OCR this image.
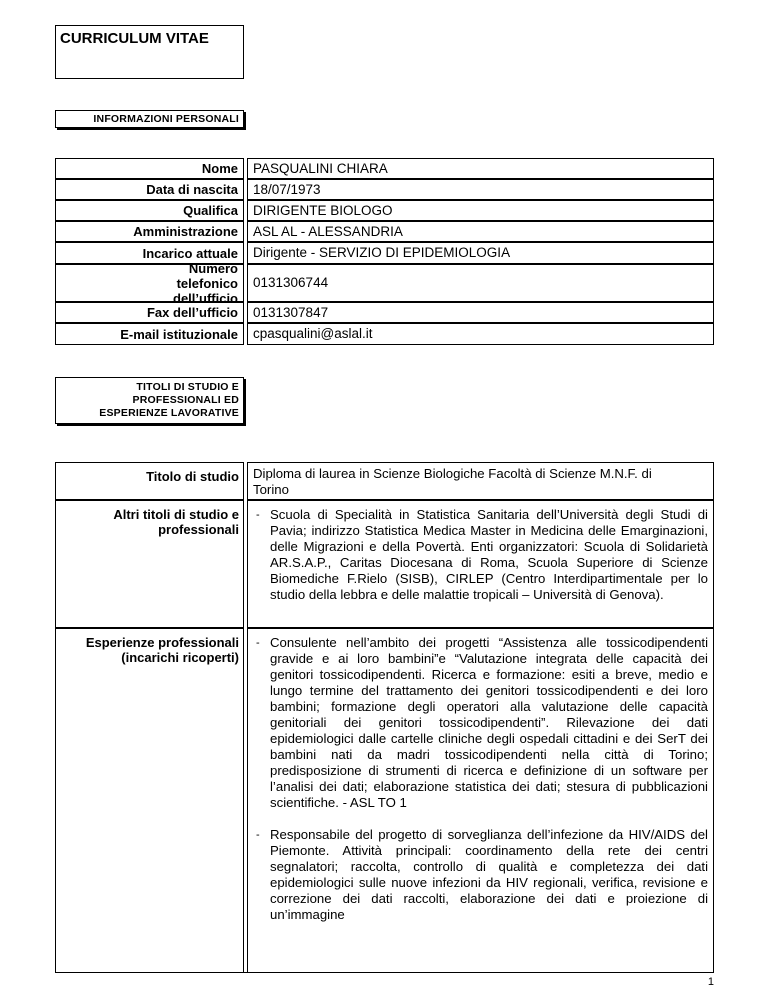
CURRICULUM VITAE
INFORMAZIONI PERSONALI
Nome
Data di nascita
Qualifica
Amministrazione
Incarico attuale
Numero telefonico dell’ufficio
Fax dell’ufficio
E-mail istituzionale
PASQUALINI CHIARA
18/07/1973
DIRIGENTE BIOLOGO
ASL AL - ALESSANDRIA
Dirigente - SERVIZIO DI EPIDEMIOLOGIA
0131306744
0131307847
cpasqualini@aslal.it
TITOLI DI STUDIO E
PROFESSIONALI ED
ESPERIENZE LAVORATIVE
Titolo di studio	Diploma di laurea in Scienze Biologiche Facoltà di Scienze M.N.F. di Torino
Altri titoli di studio e professionali
- Scuola di Specialità in Statistica Sanitaria dell’Università degli Studi di Pavia; indirizzo Statistica Medica Master in Medicina delle Emarginazioni, delle Migrazioni e della Povertà. Enti organizzatori: Scuola di Solidarietà AR.S.A.P., Caritas Diocesana di Roma, Scuola Superiore di Scienze Biomediche F.Rielo (SISB), CIRLEP (Centro Interdipartimentale per lo studio della lebbra e delle malattie tropicali – Università di Genova).
Esperienze professionali (incarichi ricoperti)
- Consulente nell’ambito dei progetti “Assistenza alle tossicodipendenti gravide e ai loro bambini”e “Valutazione integrata delle capacità dei genitori tossicodipendenti. Ricerca e formazione: esiti a breve, medio e lungo termine del trattamento dei genitori tossicodipendenti e dei loro bambini; formazione degli operatori alla valutazione delle capacità genitoriali dei genitori tossicodipendenti”. Rilevazione dei dati epidemiologici dalle cartelle cliniche degli ospedali cittadini e dei SerT dei bambini nati da madri tossicodipendenti nella città di Torino; predisposizione di strumenti di ricerca e definizione di un software per l’analisi dei dati; elaborazione statistica dei dati; stesura di pubblicazioni scientifiche. - ASL TO 1
- Responsabile del progetto di sorveglianza dell’infezione da HIV/AIDS del Piemonte. Attività principali: coordinamento della rete dei centri segnalatori; raccolta, controllo di qualità e completezza dei dati epidemiologici sulle nuove infezioni da HIV regionali, verifica, revisione e correzione dei dati raccolti, elaborazione dei dati e proiezione di un’immagine
1
